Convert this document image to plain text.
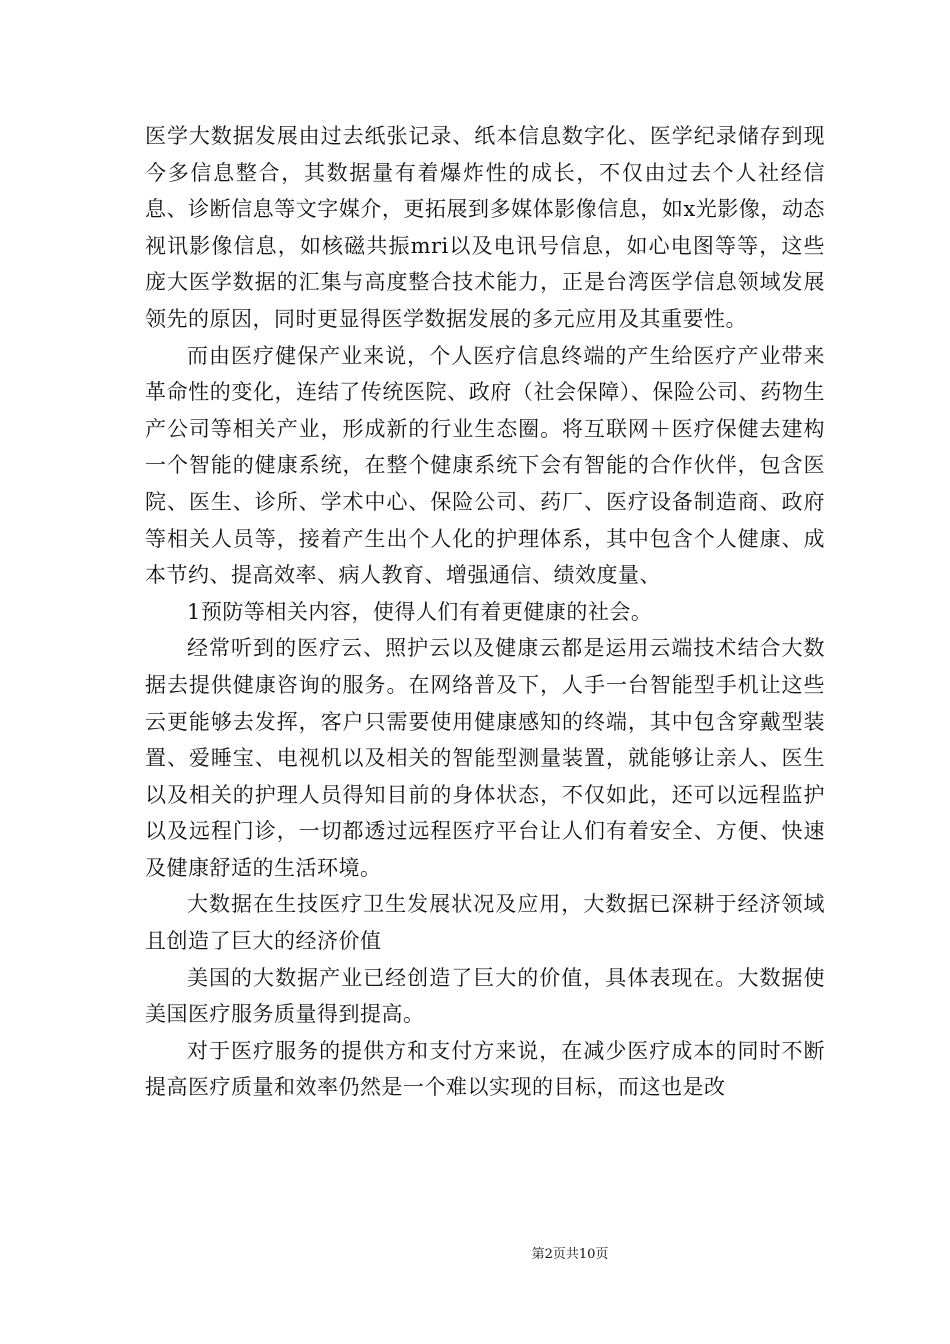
医学大数据发展由过去纸张记录、纸本信息数字化、医学纪录储存到现今多信息整合，其数据量有着爆炸性的成长，不仅由过去个人社经信息、诊断信息等文字媒介，更拓展到多媒体影像信息，如x光影像，动态视讯影像信息，如核磁共振mri以及电讯号信息，如心电图等等，这些庞大医学数据的汇集与高度整合技术能力，正是台湾医学信息领域发展领先的原因，同时更显得医学数据发展的多元应用及其重要性。

而由医疗健保产业来说，个人医疗信息终端的产生给医疗产业带来革命性的变化，连结了传统医院、政府（社会保障）、保险公司、药物生产公司等相关产业，形成新的行业生态圈。将互联网＋医疗保健去建构一个智能的健康系统，在整个健康系统下会有智能的合作伙伴，包含医院、医生、诊所、学术中心、保险公司、药厂、医疗设备制造商、政府等相关人员等，接着产生出个人化的护理体系，其中包含个人健康、成本节约、提高效率、病人教育、增强通信、绩效度量、

1预防等相关内容，使得人们有着更健康的社会。

经常听到的医疗云、照护云以及健康云都是运用云端技术结合大数据去提供健康咨询的服务。在网络普及下，人手一台智能型手机让这些云更能够去发挥，客户只需要使用健康感知的终端，其中包含穿戴型装置、爱睡宝、电视机以及相关的智能型测量装置，就能够让亲人、医生以及相关的护理人员得知目前的身体状态，不仅如此，还可以远程监护以及远程门诊，一切都透过远程医疗平台让人们有着安全、方便、快速及健康舒适的生活环境。

大数据在生技医疗卫生发展状况及应用，大数据已深耕于经济领域且创造了巨大的经济价值

美国的大数据产业已经创造了巨大的价值，具体表现在。大数据使美国医疗服务质量得到提高。

对于医疗服务的提供方和支付方来说，在减少医疗成本的同时不断提高医疗质量和效率仍然是一个难以实现的目标，而这也是改

第2页共10页
